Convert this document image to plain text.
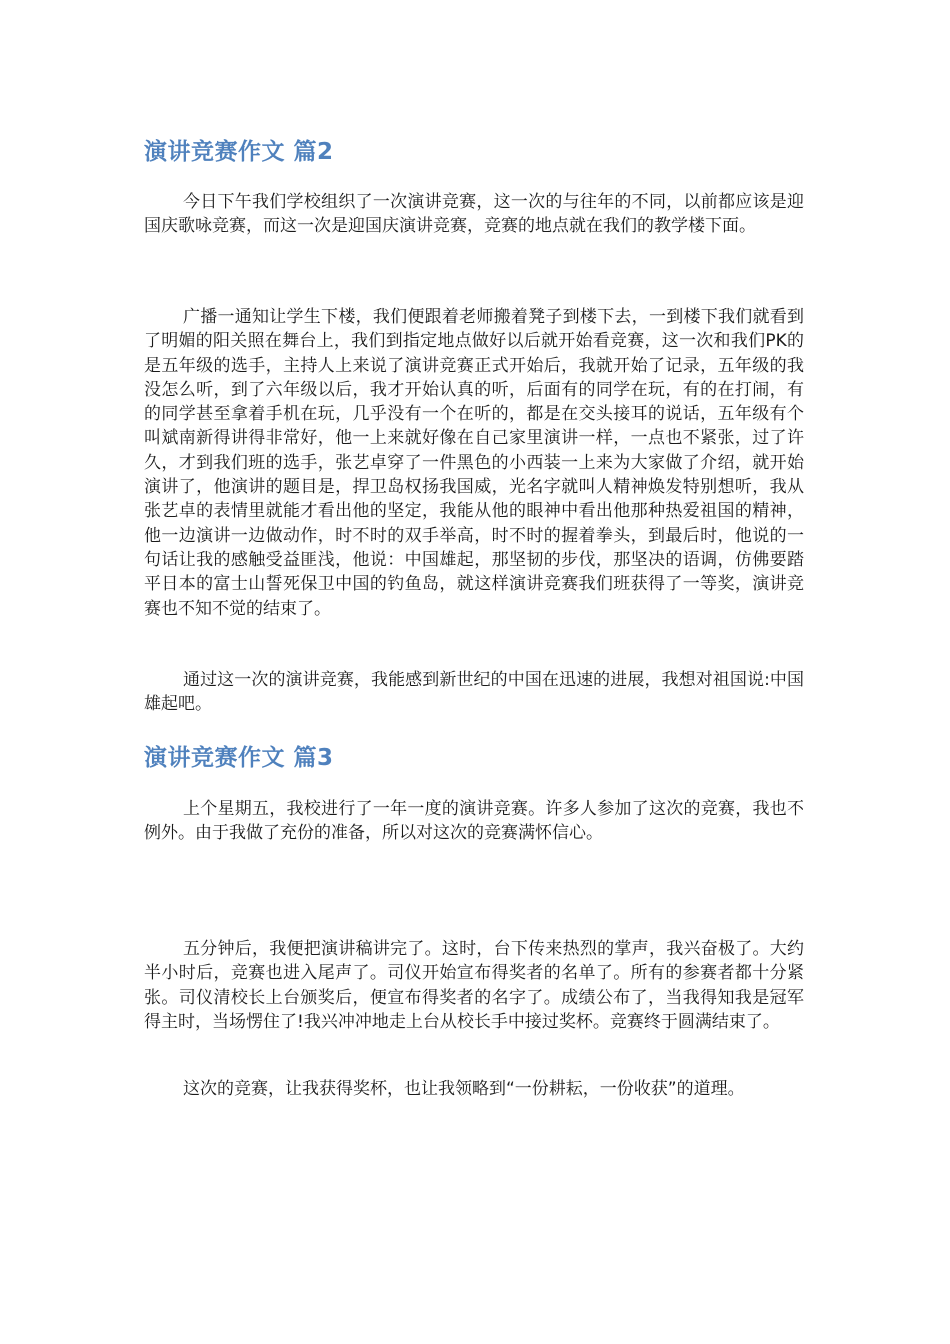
演讲竞赛作文 篇2

今日下午我们学校组织了一次演讲竞赛，这一次的与往年的不同，以前都应该是迎国庆歌咏竞赛，而这一次是迎国庆演讲竞赛，竞赛的地点就在我们的教学楼下面。

广播一通知让学生下楼，我们便跟着老师搬着凳子到楼下去，一到楼下我们就看到了明媚的阳关照在舞台上，我们到指定地点做好以后就开始看竞赛，这一次和我们PK的是五年级的选手，主持人上来说了演讲竞赛正式开始后，我就开始了记录，五年级的我没怎么听，到了六年级以后，我才开始认真的听，后面有的同学在玩，有的在打闹，有的同学甚至拿着手机在玩，几乎没有一个在听的，都是在交头接耳的说话，五年级有个叫斌南新得讲得非常好，他一上来就好像在自己家里演讲一样，一点也不紧张，过了许久，才到我们班的选手，张艺卓穿了一件黑色的小西装一上来为大家做了介绍，就开始演讲了，他演讲的题目是，捍卫岛权扬我国威，光名字就叫人精神焕发特别想听，我从张艺卓的表情里就能才看出他的坚定，我能从他的眼神中看出他那种热爱祖国的精神，他一边演讲一边做动作，时不时的双手举高，时不时的握着拳头，到最后时，他说的一句话让我的感触受益匪浅，他说：中国雄起，那坚韧的步伐，那坚决的语调，仿佛要踏平日本的富士山誓死保卫中国的钓鱼岛，就这样演讲竞赛我们班获得了一等奖，演讲竞赛也不知不觉的结束了。

通过这一次的演讲竞赛，我能感到新世纪的中国在迅速的进展，我想对祖国说:中国雄起吧。

演讲竞赛作文 篇3

上个星期五，我校进行了一年一度的演讲竞赛。许多人参加了这次的竞赛，我也不例外。由于我做了充份的准备，所以对这次的竞赛满怀信心。

五分钟后，我便把演讲稿讲完了。这时，台下传来热烈的掌声，我兴奋极了。大约半小时后，竞赛也进入尾声了。司仪开始宣布得奖者的名单了。所有的参赛者都十分紧张。司仪清校长上台颁奖后，便宣布得奖者的名字了。成绩公布了，当我得知我是冠军得主时，当场愣住了!我兴冲冲地走上台从校长手中接过奖杯。竞赛终于圆满结束了。

这次的竞赛，让我获得奖杯，也让我领略到“一份耕耘，一份收获”的道理。
